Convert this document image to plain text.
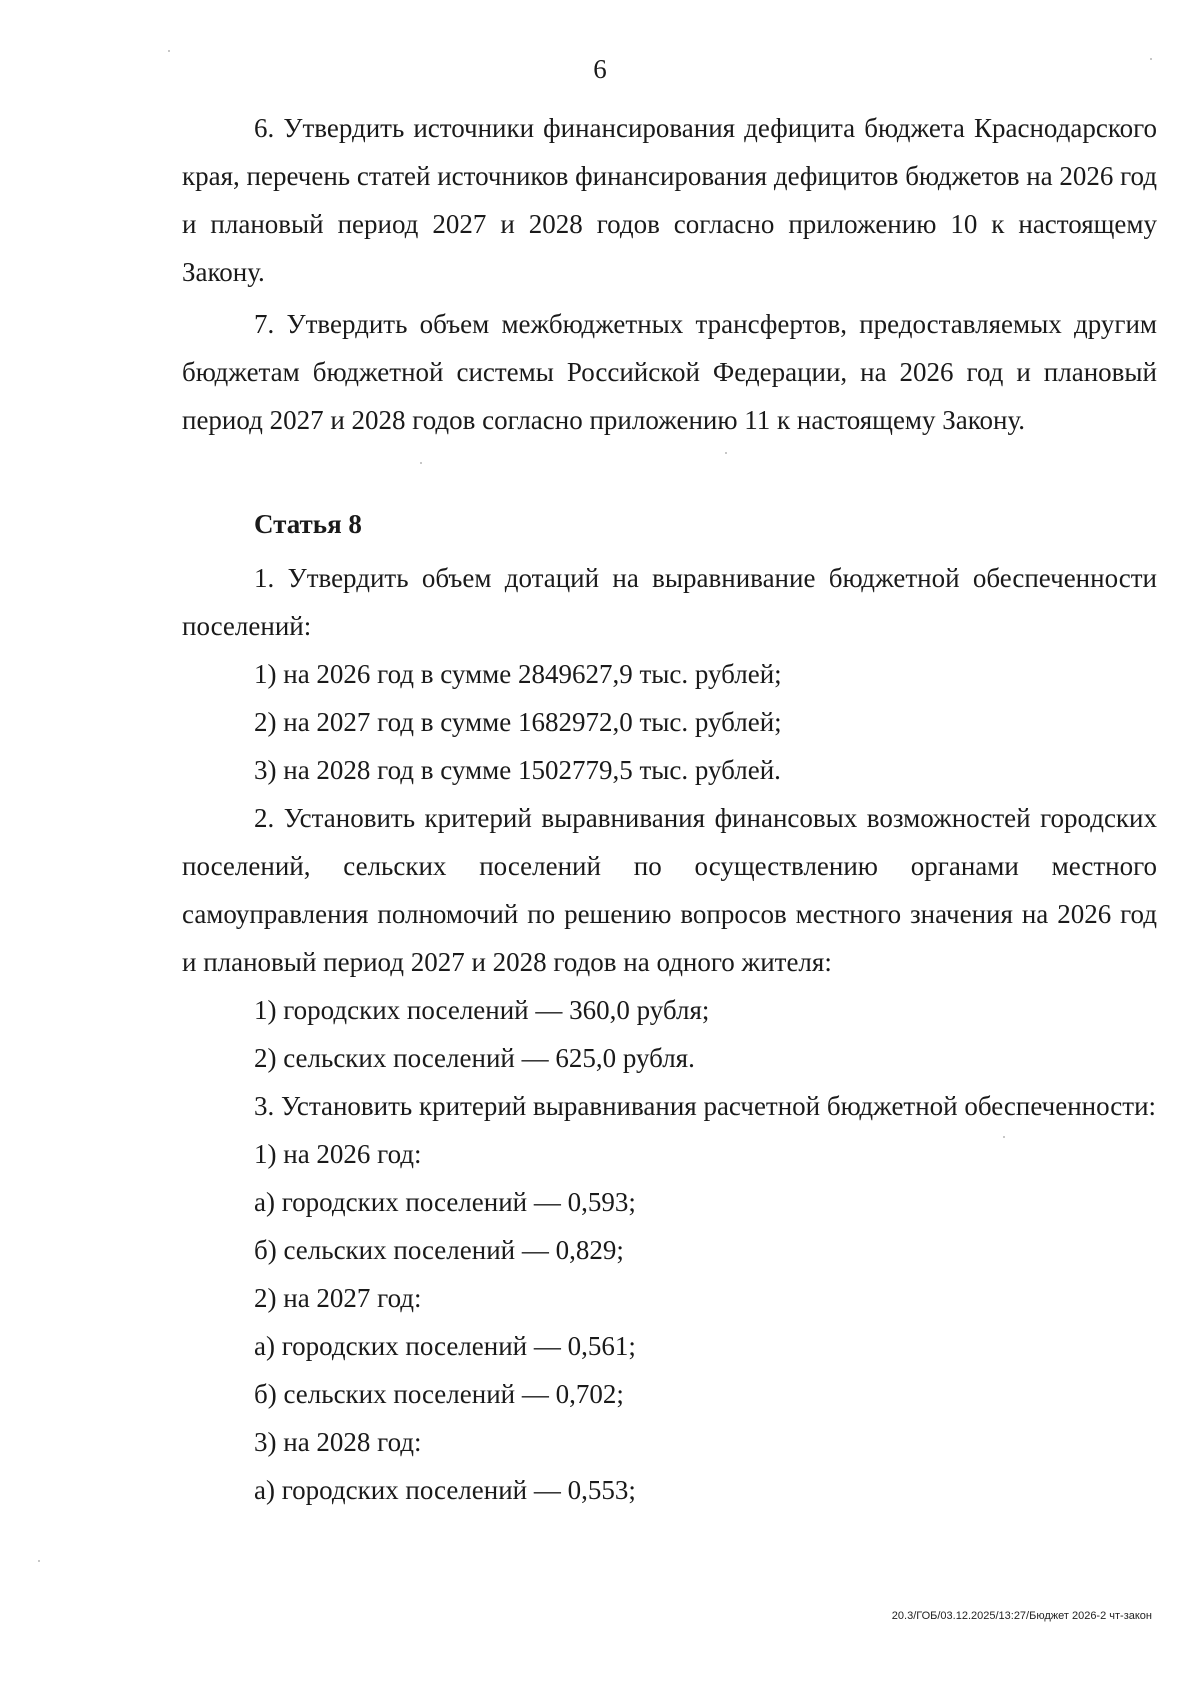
6

6. Утвердить источники финансирования дефицита бюджета Краснодарского края, перечень статей источников финансирования дефицитов бюджетов на 2026 год и плановый период 2027 и 2028 годов согласно приложению 10 к настоящему Закону.

7. Утвердить объем межбюджетных трансфертов, предоставляемых другим бюджетам бюджетной системы Российской Федерации, на 2026 год и плановый период 2027 и 2028 годов согласно приложению 11 к настоящему Закону.

Статья 8

1. Утвердить объем дотаций на выравнивание бюджетной обеспеченности поселений:

1) на 2026 год в сумме 2849627,9 тыс. рублей;

2) на 2027 год в сумме 1682972,0 тыс. рублей;

3) на 2028 год в сумме 1502779,5 тыс. рублей.

2. Установить критерий выравнивания финансовых возможностей городских поселений, сельских поселений по осуществлению органами местного самоуправления полномочий по решению вопросов местного значения на 2026 год и плановый период 2027 и 2028 годов на одного жителя:

1) городских поселений — 360,0 рубля;

2) сельских поселений — 625,0 рубля.

3. Установить критерий выравнивания расчетной бюджетной обеспеченности:

1) на 2026 год:

а) городских поселений — 0,593;

б) сельских поселений — 0,829;

2) на 2027 год:

а) городских поселений — 0,561;

б) сельских поселений — 0,702;

3) на 2028 год:

а) городских поселений — 0,553;

20.3/ГОБ/03.12.2025/13:27/Бюджет 2026-2 чт-закон
